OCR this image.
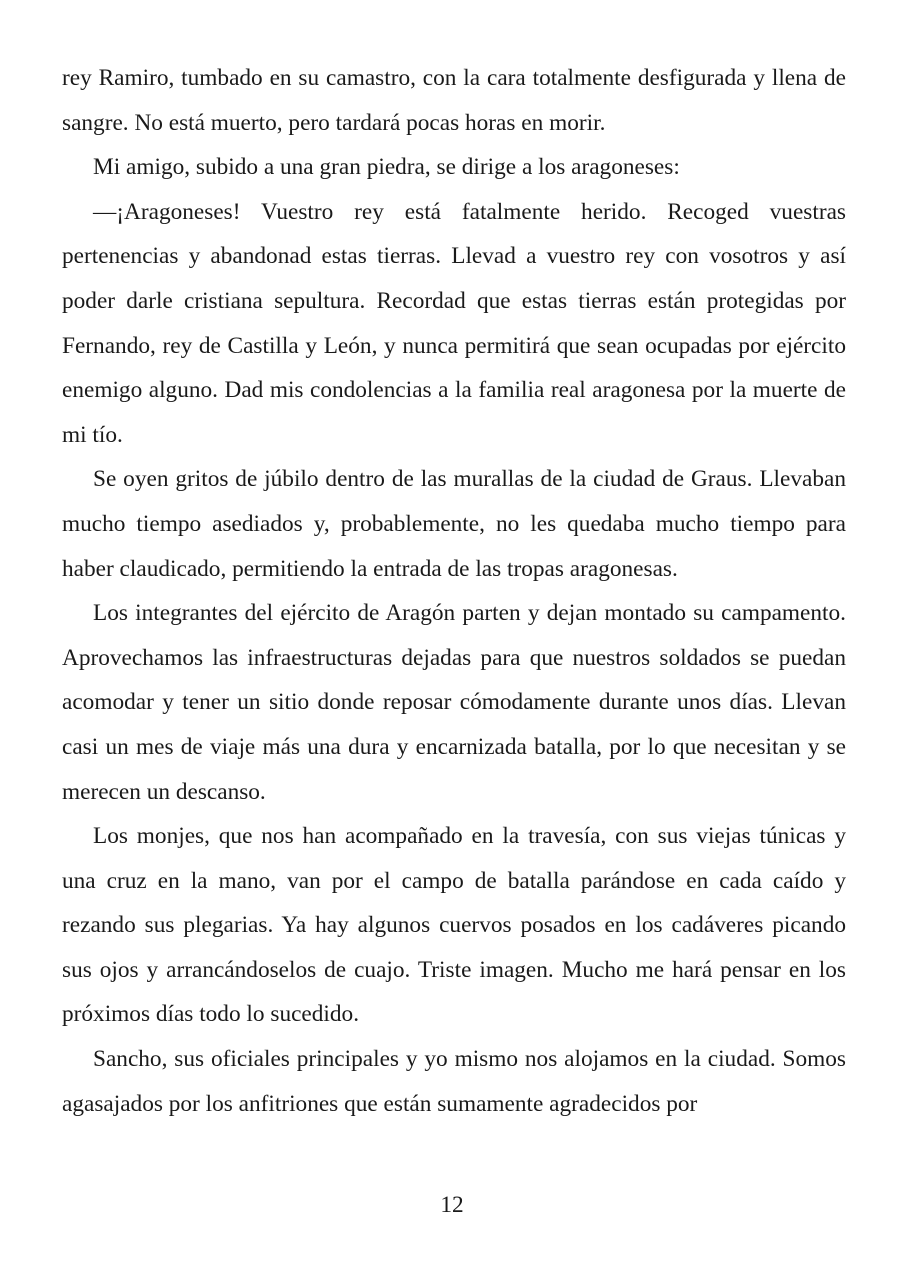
rey Ramiro, tumbado en su camastro, con la cara totalmente desfigurada y llena de sangre. No está muerto, pero tardará pocas horas en morir.

Mi amigo, subido a una gran piedra, se dirige a los aragoneses:

—¡Aragoneses! Vuestro rey está fatalmente herido. Recoged vuestras pertenencias y abandonad estas tierras. Llevad a vuestro rey con vosotros y así poder darle cristiana sepultura. Recordad que estas tierras están protegidas por Fernando, rey de Castilla y León, y nunca permitirá que sean ocupadas por ejército enemigo alguno. Dad mis condolencias a la familia real aragonesa por la muerte de mi tío.

Se oyen gritos de júbilo dentro de las murallas de la ciudad de Graus. Llevaban mucho tiempo asediados y, probablemente, no les quedaba mucho tiempo para haber claudicado, permitiendo la entrada de las tropas aragonesas.

Los integrantes del ejército de Aragón parten y dejan montado su campamento. Aprovechamos las infraestructuras dejadas para que nuestros soldados se puedan acomodar y tener un sitio donde reposar cómodamente durante unos días. Llevan casi un mes de viaje más una dura y encarnizada batalla, por lo que necesitan y se merecen un descanso.

Los monjes, que nos han acompañado en la travesía, con sus viejas túnicas y una cruz en la mano, van por el campo de batalla parándose en cada caído y rezando sus plegarias. Ya hay algunos cuervos posados en los cadáveres picando sus ojos y arrancándoselos de cuajo. Triste imagen. Mucho me hará pensar en los próximos días todo lo sucedido.

Sancho, sus oficiales principales y yo mismo nos alojamos en la ciudad. Somos agasajados por los anfitriones que están sumamente agradecidos por

12
